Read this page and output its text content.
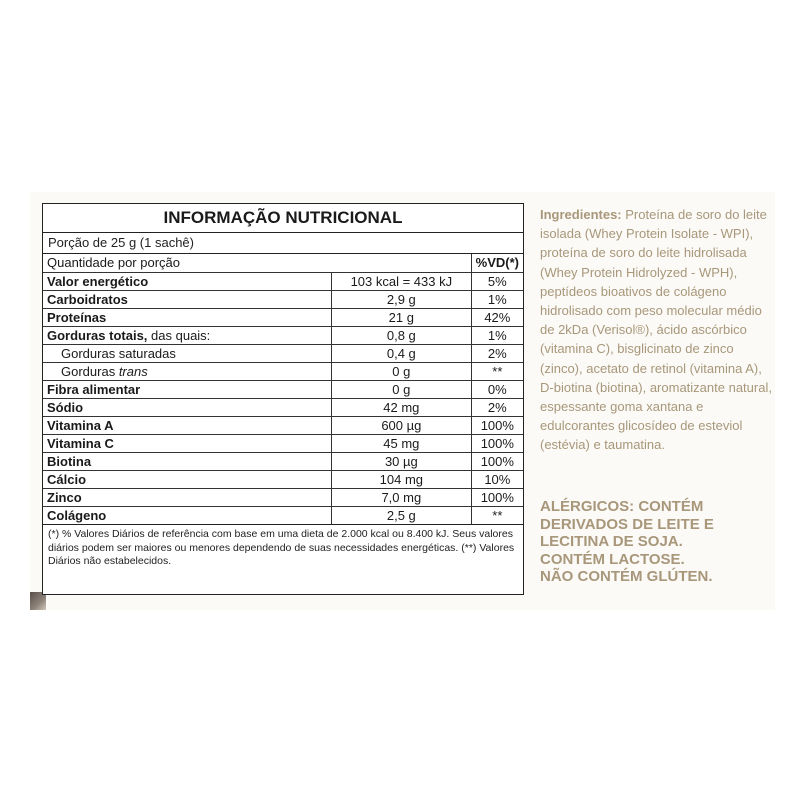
INFORMAÇÃO NUTRICIONAL
Porção de 25 g (1 sachê)
Quantidade por porção		%VD(*)
Valor energético	103 kcal = 433 kJ	5%
Carboidratos	2,9 g	1%
Proteínas	21 g	42%
Gorduras totais, das quais:	0,8 g	1%
Gorduras saturadas	0,4 g	2%
Gorduras trans	0 g	**
Fibra alimentar	0 g	0%
Sódio	42 mg	2%
Vitamina A	600 µg	100%
Vitamina C	45 mg	100%
Biotina	30 µg	100%
Cálcio	104 mg	10%
Zinco	7,0 mg	100%
Colágeno	2,5 g	**
(*) % Valores Diários de referência com base em uma dieta de 2.000 kcal ou 8.400 kJ. Seus valores diários podem ser maiores ou menores dependendo de suas necessidades energéticas. (**) Valores Diários não estabelecidos.
Ingredientes: Proteína de soro do leite isolada (Whey Protein Isolate - WPI), proteína de soro do leite hidrolisada (Whey Protein Hidrolyzed - WPH), peptídeos bioativos de colágeno hidrolisado com peso molecular médio de 2kDa (Verisol®), ácido ascórbico (vitamina C), bisglicinato de zinco (zinco), acetato de retinol (vitamina A), D-biotina (biotina), aromatizante natural, espessante goma xantana e edulcorantes glicosídeo de esteviol (estévia) e taumatina.
ALÉRGICOS: CONTÉM DERIVADOS DE LEITE E LECITINA DE SOJA.
CONTÉM LACTOSE.
NÃO CONTÉM GLÚTEN.
